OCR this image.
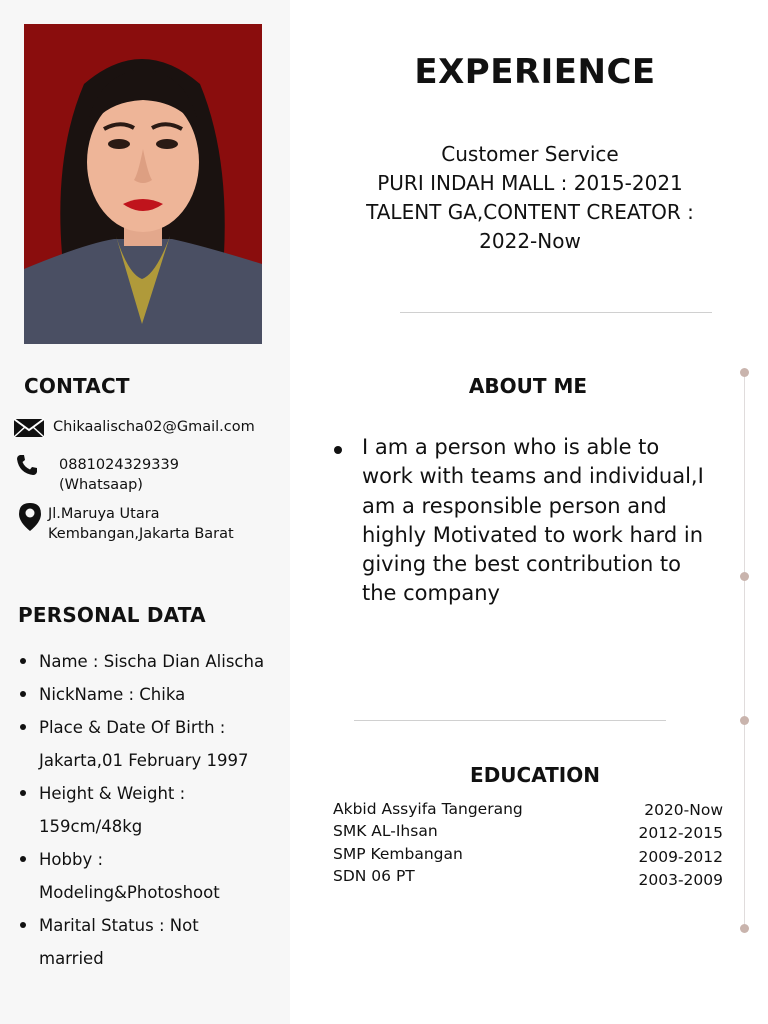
CONTACT
Chikaalischa02@Gmail.com
0881024329339
(Whatsaap)
Jl.Maruya Utara
Kembangan,Jakarta Barat
PERSONAL DATA
Name : Sischa Dian Alischa
NickName : Chika
Place & Date Of Birth :
Jakarta,01 February 1997
Height & Weight :
159cm/48kg
Hobby :
Modeling&Photoshoot
Marital Status : Not
married
EXPERIENCE
Customer Service
PURI INDAH MALL : 2015-2021
TALENT GA,CONTENT CREATOR :
2022-Now
ABOUT ME
I am a person who is able to work with teams and individual,I am a responsible person and highly Motivated to work hard in giving the best contribution to the company
EDUCATION
Akbid Assyifa Tangerang	2020-Now
SMK AL-Ihsan	2012-2015
SMP Kembangan	2009-2012
SDN 06 PT	2003-2009
